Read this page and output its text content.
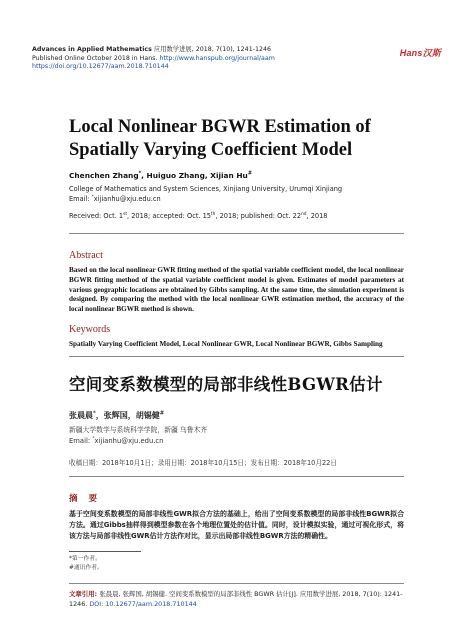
Advances in Applied Mathematics 应用数学进展, 2018, 7(10), 1241-1246
Published Online October 2018 in Hans. http://www.hanspub.org/journal/aam
https://doi.org/10.12677/aam.2018.710144
Hans汉斯
Local Nonlinear BGWR Estimation of Spatially Varying Coefficient Model
Chenchen Zhang*, Huiguo Zhang, Xijian Hu#
College of Mathematics and System Sciences, Xinjiang University, Urumqi Xinjiang
Email: *xijianhu@xju.edu.cn
Received: Oct. 1st, 2018; accepted: Oct. 15th, 2018; published: Oct. 22nd, 2018
Abstract
Based on the local nonlinear GWR fitting method of the spatial variable coefficient model, the local nonlinear BGWR fitting method of the spatial variable coefficient model is given. Estimates of model parameters at various geographic locations are obtained by Gibbs sampling. At the same time, the simulation experiment is designed. By comparing the method with the local nonlinear GWR estimation method, the accuracy of the local nonlinear BGWR method is shown.
Keywords
Spatially Varying Coefficient Model, Local Nonlinear GWR, Local Nonlinear BGWR, Gibbs Sampling
空间变系数模型的局部非线性BGWR估计
张晨晨*，张辉国，胡锡健#
新疆大学数学与系统科学学院，新疆 乌鲁木齐
Email: *xijianhu@xju.edu.cn
收稿日期：2018年10月1日；录用日期：2018年10月15日；发布日期：2018年10月22日
摘 要
基于空间变系数模型的局部非线性GWR拟合方法的基础上，给出了空间变系数模型的局部非线性BGWR拟合方法。通过Gibbs抽样得到模型参数在各个地理位置处的估计值。同时，设计模拟实验，通过可视化形式，将该方法与局部非线性GWR估计方法作对比，显示出局部非线性BGWR方法的精确性。
*第一作者。
#通讯作者。
文章引用: 张晨晨, 张辉国, 胡锡健. 空间变系数模型的局部非线性 BGWR 估计[J]. 应用数学进展, 2018, 7(10): 1241-1246. DOI: 10.12677/aam.2018.710144
